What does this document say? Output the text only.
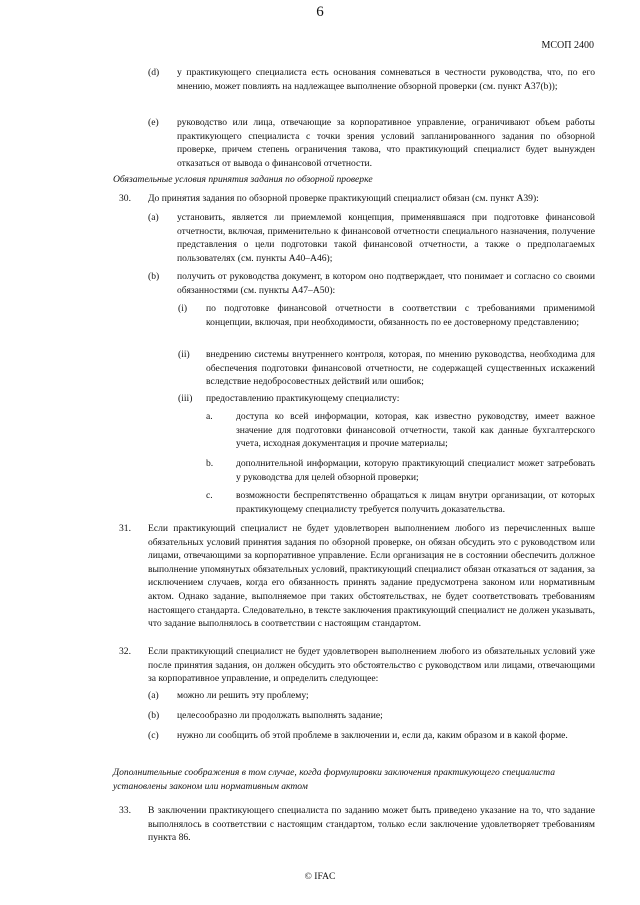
6
МСОП 2400
(d) у практикующего специалиста есть основания сомневаться в честности руководства, что, по его мнению, может повлиять на надлежащее выполнение обзорной проверки (см. пункт A37(b));
(e) руководство или лица, отвечающие за корпоративное управление, ограничивают объем работы практикующего специалиста с точки зрения условий запланированного задания по обзорной проверке, причем степень ограничения такова, что практикующий специалист будет вынужден отказаться от вывода о финансовой отчетности.
Обязательные условия принятия задания по обзорной проверке
30. До принятия задания по обзорной проверке практикующий специалист обязан (см. пункт A39):
(a) установить, является ли приемлемой концепция, применявшаяся при подготовке финансовой отчетности, включая, применительно к финансовой отчетности специального назначения, получение представления о цели подготовки такой финансовой отчетности, а также о предполагаемых пользователях (см. пункты A40–A46);
(b) получить от руководства документ, в котором оно подтверждает, что понимает и согласно со своими обязанностями (см. пункты A47–A50):
(i) по подготовке финансовой отчетности в соответствии с требованиями применимой концепции, включая, при необходимости, обязанность по ее достоверному представлению;
(ii) внедрению системы внутреннего контроля, которая, по мнению руководства, необходима для обеспечения подготовки финансовой отчетности, не содержащей существенных искажений вследствие недобросовестных действий или ошибок;
(iii) предоставлению практикующему специалисту:
a. доступа ко всей информации, которая, как известно руководству, имеет важное значение для подготовки финансовой отчетности, такой как данные бухгалтерского учета, исходная документация и прочие материалы;
b. дополнительной информации, которую практикующий специалист может затребовать у руководства для целей обзорной проверки;
c. возможности беспрепятственно обращаться к лицам внутри организации, от которых практикующему специалисту требуется получить доказательства.
31. Если практикующий специалист не будет удовлетворен выполнением любого из перечисленных выше обязательных условий принятия задания по обзорной проверке, он обязан обсудить это с руководством или лицами, отвечающими за корпоративное управление. Если организация не в состоянии обеспечить должное выполнение упомянутых обязательных условий, практикующий специалист обязан отказаться от задания, за исключением случаев, когда его обязанность принять задание предусмотрена законом или нормативным актом. Однако задание, выполняемое при таких обстоятельствах, не будет соответствовать требованиям настоящего стандарта. Следовательно, в тексте заключения практикующий специалист не должен указывать, что задание выполнялось в соответствии с настоящим стандартом.
32. Если практикующий специалист не будет удовлетворен выполнением любого из обязательных условий уже после принятия задания, он должен обсудить это обстоятельство с руководством или лицами, отвечающими за корпоративное управление, и определить следующее:
(a) можно ли решить эту проблему;
(b) целесообразно ли продолжать выполнять задание;
(c) нужно ли сообщить об этой проблеме в заключении и, если да, каким образом и в какой форме.
Дополнительные соображения в том случае, когда формулировки заключения практикующего специалиста установлены законом или нормативным актом
33. В заключении практикующего специалиста по заданию может быть приведено указание на то, что задание выполнялось в соответствии с настоящим стандартом, только если заключение удовлетворяет требованиям пункта 86.
© IFAC
